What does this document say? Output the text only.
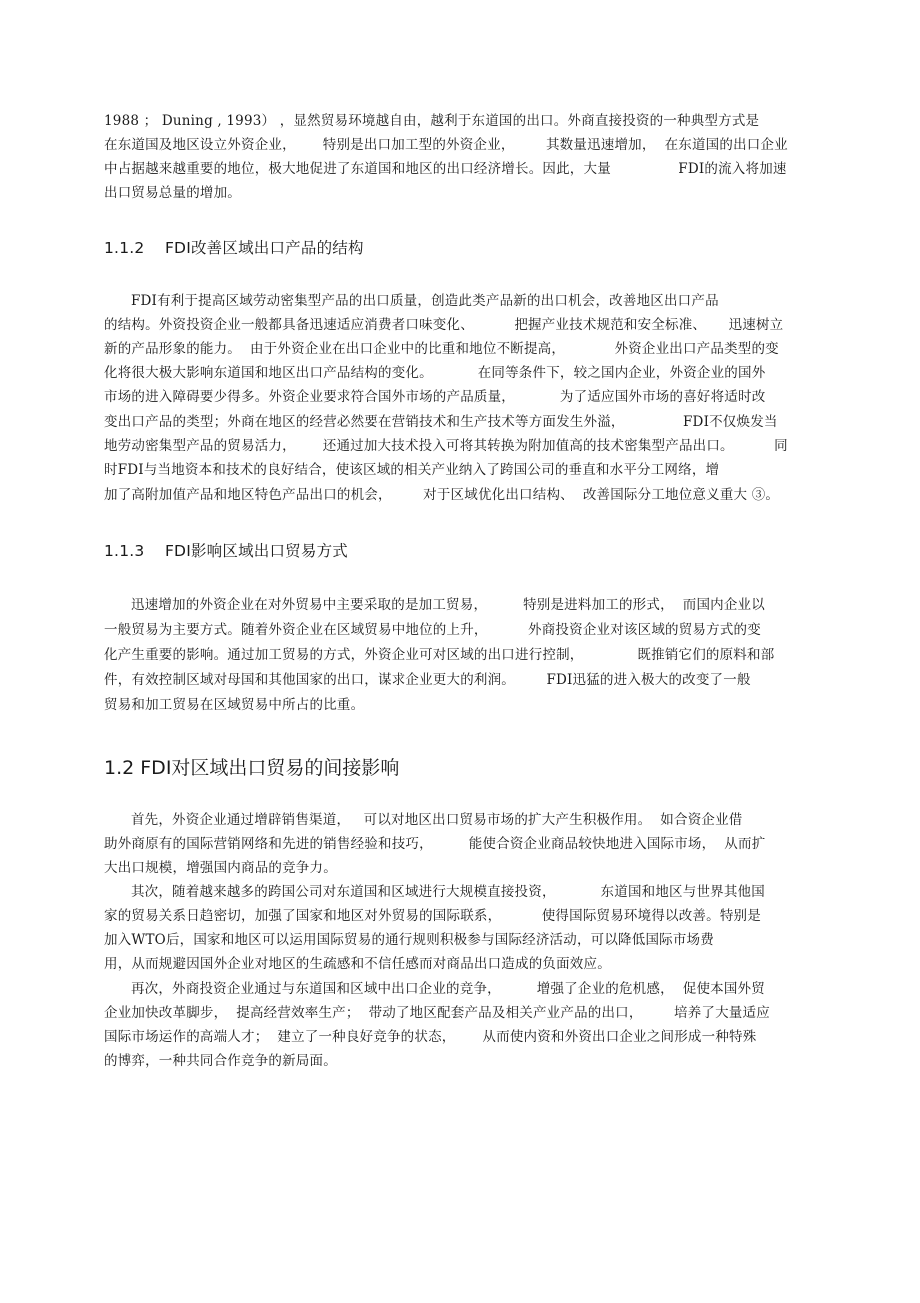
1988 ； Duning , 1993） ，显然贸易环境越自由，越利于东道国的出口。外商直接投资的一种典型方式是
在东道国及地区设立外资企业，      特别是出口加工型的外资企业，       其数量迅速增加，  在东道国的出口企业
中占据越来越重要的地位，极大地促进了东道国和地区的出口经济增长。因此，大量               FDI的流入将加速
出口贸易总量的增加。
1.1.2    FDI改善区域出口产品的结构
FDI有利于提高区域劳动密集型产品的出口质量，创造此类产品新的出口机会，改善地区出口产品
的结构。外资投资企业一般都具备迅速适应消费者口味变化、         把握产业技术规范和安全标准、     迅速树立
新的产品形象的能力。  由于外资企业在出口企业中的比重和地位不断提高，           外资企业出口产品类型的变
化将很大极大影响东道国和地区出口产品结构的变化。          在同等条件下，较之国内企业，外资企业的国外
市场的进入障碍要少得多。外资企业要求符合国外市场的产品质量，          为了适应国外市场的喜好将适时改
变出口产品的类型；外商在地区的经营必然要在营销技术和生产技术等方面发生外溢，             FDI不仅焕发当
地劳动密集型产品的贸易活力，      还通过加大技术投入可将其转换为附加值高的技术密集型产品出口。         同
时FDI与当地资本和技术的良好结合，使该区域的相关产业纳入了跨国公司的垂直和水平分工网络，增
加了高附加值产品和地区特色产品出口的机会，       对于区域优化出口结构、  改善国际分工地位意义重大 ③。
1.1.3    FDI影响区域出口贸易方式
迅速增加的外资企业在对外贸易中主要采取的是加工贸易，        特别是进料加工的形式，  而国内企业以
一般贸易为主要方式。随着外资企业在区域贸易中地位的上升，         外商投资企业对该区域的贸易方式的变
化产生重要的影响。通过加工贸易的方式，外资企业可对区域的出口进行控制，            既推销它们的原料和部
件，有效控制区域对母国和其他国家的出口，谋求企业更大的利润。       FDI迅猛的进入极大的改变了一般
贸易和加工贸易在区域贸易中所占的比重。
1.2 FDI对区域出口贸易的间接影响
首先，外资企业通过增辟销售渠道，   可以对地区出口贸易市场的扩大产生积极作用。  如合资企业借
助外商原有的国际营销网络和先进的销售经验和技巧，        能使合资企业商品较快地进入国际市场，  从而扩
大出口规模，增强国内商品的竞争力。
其次，随着越来越多的跨国公司对东道国和区域进行大规模直接投资，          东道国和地区与世界其他国
家的贸易关系日趋密切，加强了国家和地区对外贸易的国际联系，         使得国际贸易环境得以改善。特别是
加入WTO后，国家和地区可以运用国际贸易的通行规则积极参与国际经济活动，可以降低国际市场费
用，从而规避因国外企业对地区的生疏感和不信任感而对商品出口造成的负面效应。
再次，外商投资企业通过与东道国和区域中出口企业的竞争，        增强了企业的危机感，  促使本国外贸
企业加快改革脚步，  提高经营效率生产；  带动了地区配套产品及相关产业产品的出口，       培养了大量适应
国际市场运作的高端人才；  建立了一种良好竞争的状态，      从而使内资和外资出口企业之间形成一种特殊
的博弈，一种共同合作竞争的新局面。
